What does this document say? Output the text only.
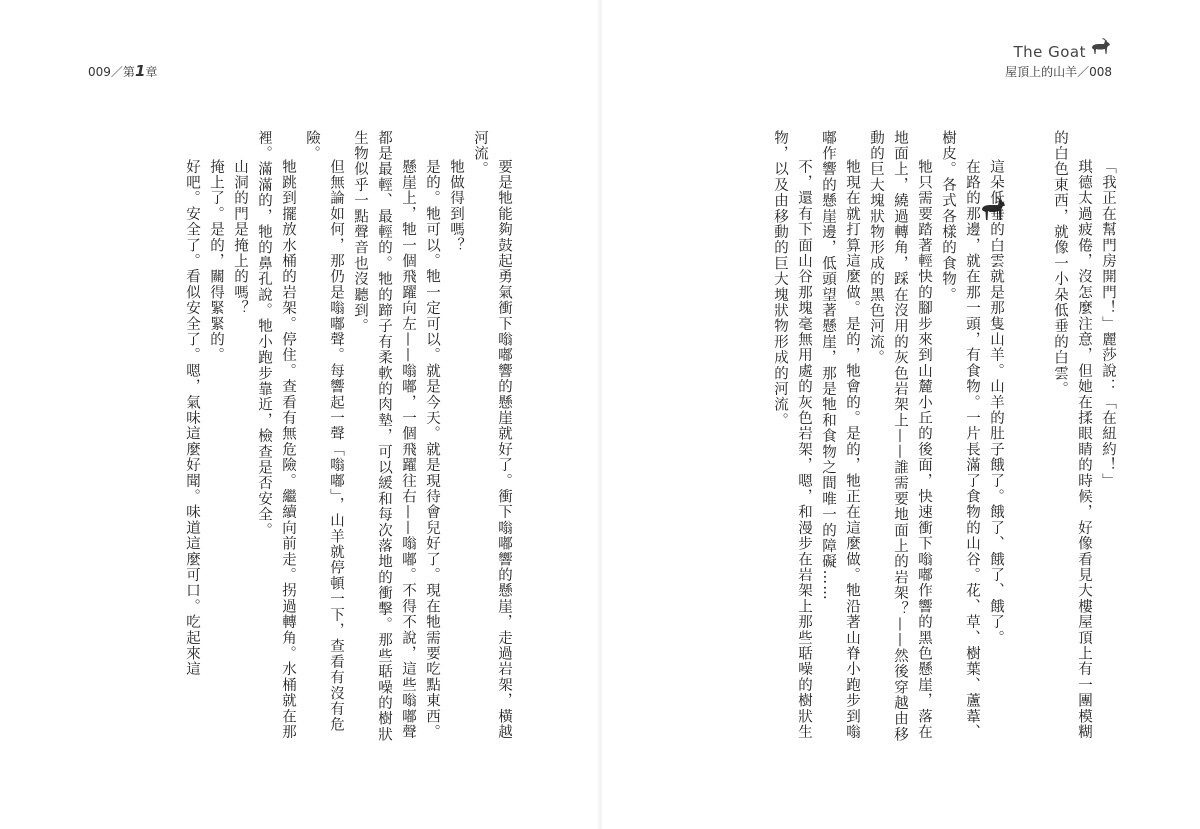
009／第1章

要是牠能夠鼓起勇氣衝下嗡嘟響的懸崖就好了。衝下嗡嘟響的懸崖，走過岩架，橫越河流。

牠做得到嗎？

是的。牠可以。牠一定可以。就是今天。就是現待會兒好了。現在牠需要吃點東西。

懸崖上，牠一個飛躍向左——嗡嘟，一個飛躍往右——嗡嘟。不得不說，這些嗡嘟聲都是最輕、最輕的。牠的蹄子有柔軟的肉墊，可以緩和每次落地的衝擊。那些聒噪的樹狀生物似乎一點聲音也沒聽到。

但無論如何，那仍是嗡嘟聲。每響起一聲「嗡嘟」，山羊就停頓一下，查看有沒有危險。

牠跳到擺放水桶的岩架。停住。查看有無危險。繼續向前走。拐過轉角。水桶就在那裡。滿滿的，牠的鼻孔說。牠小跑步靠近，檢查是否安全。

山洞的門是掩上的嗎？

掩上了。是的，關得緊緊的。

好吧。安全了。看似安全了。嗯，氣味這麼好聞。味道這麼可口。吃起來這

The Goat
屋頂上的山羊／008

「我正在幫門房開門！」麗莎說：「在紐約！」

琪德太過疲倦，沒怎麼注意，但她在揉眼睛的時候，好像看見大樓屋頂上有一團模糊的白色東西，就像一小朵低垂的白雲。

這朵低垂的白雲就是那隻山羊。山羊的肚子餓了。餓了、餓了、餓了。

在路的那邊，就在那一頭，有食物。一片長滿了食物的山谷。花、草、樹葉、蘆葦、樹皮。各式各樣的食物。

牠只需要踏著輕快的腳步來到山麓小丘的後面，快速衝下嗡嘟作響的黑色懸崖，落在地面上，繞過轉角，踩在沒用的灰色岩架上——誰需要地面上的岩架？——然後穿越由移動的巨大塊狀物形成的黑色河流。

牠現在就打算這麼做。是的，牠會的。是的，牠正在這麼做。牠沿著山脊小跑步到嗡嘟作響的懸崖邊，低頭望著懸崖，那是牠和食物之間唯一的障礙……

不，還有下面山谷那塊毫無用處的灰色岩架，嗯，和漫步在岩架上那些聒噪的樹狀生物，以及由移動的巨大塊狀物形成的河流。
